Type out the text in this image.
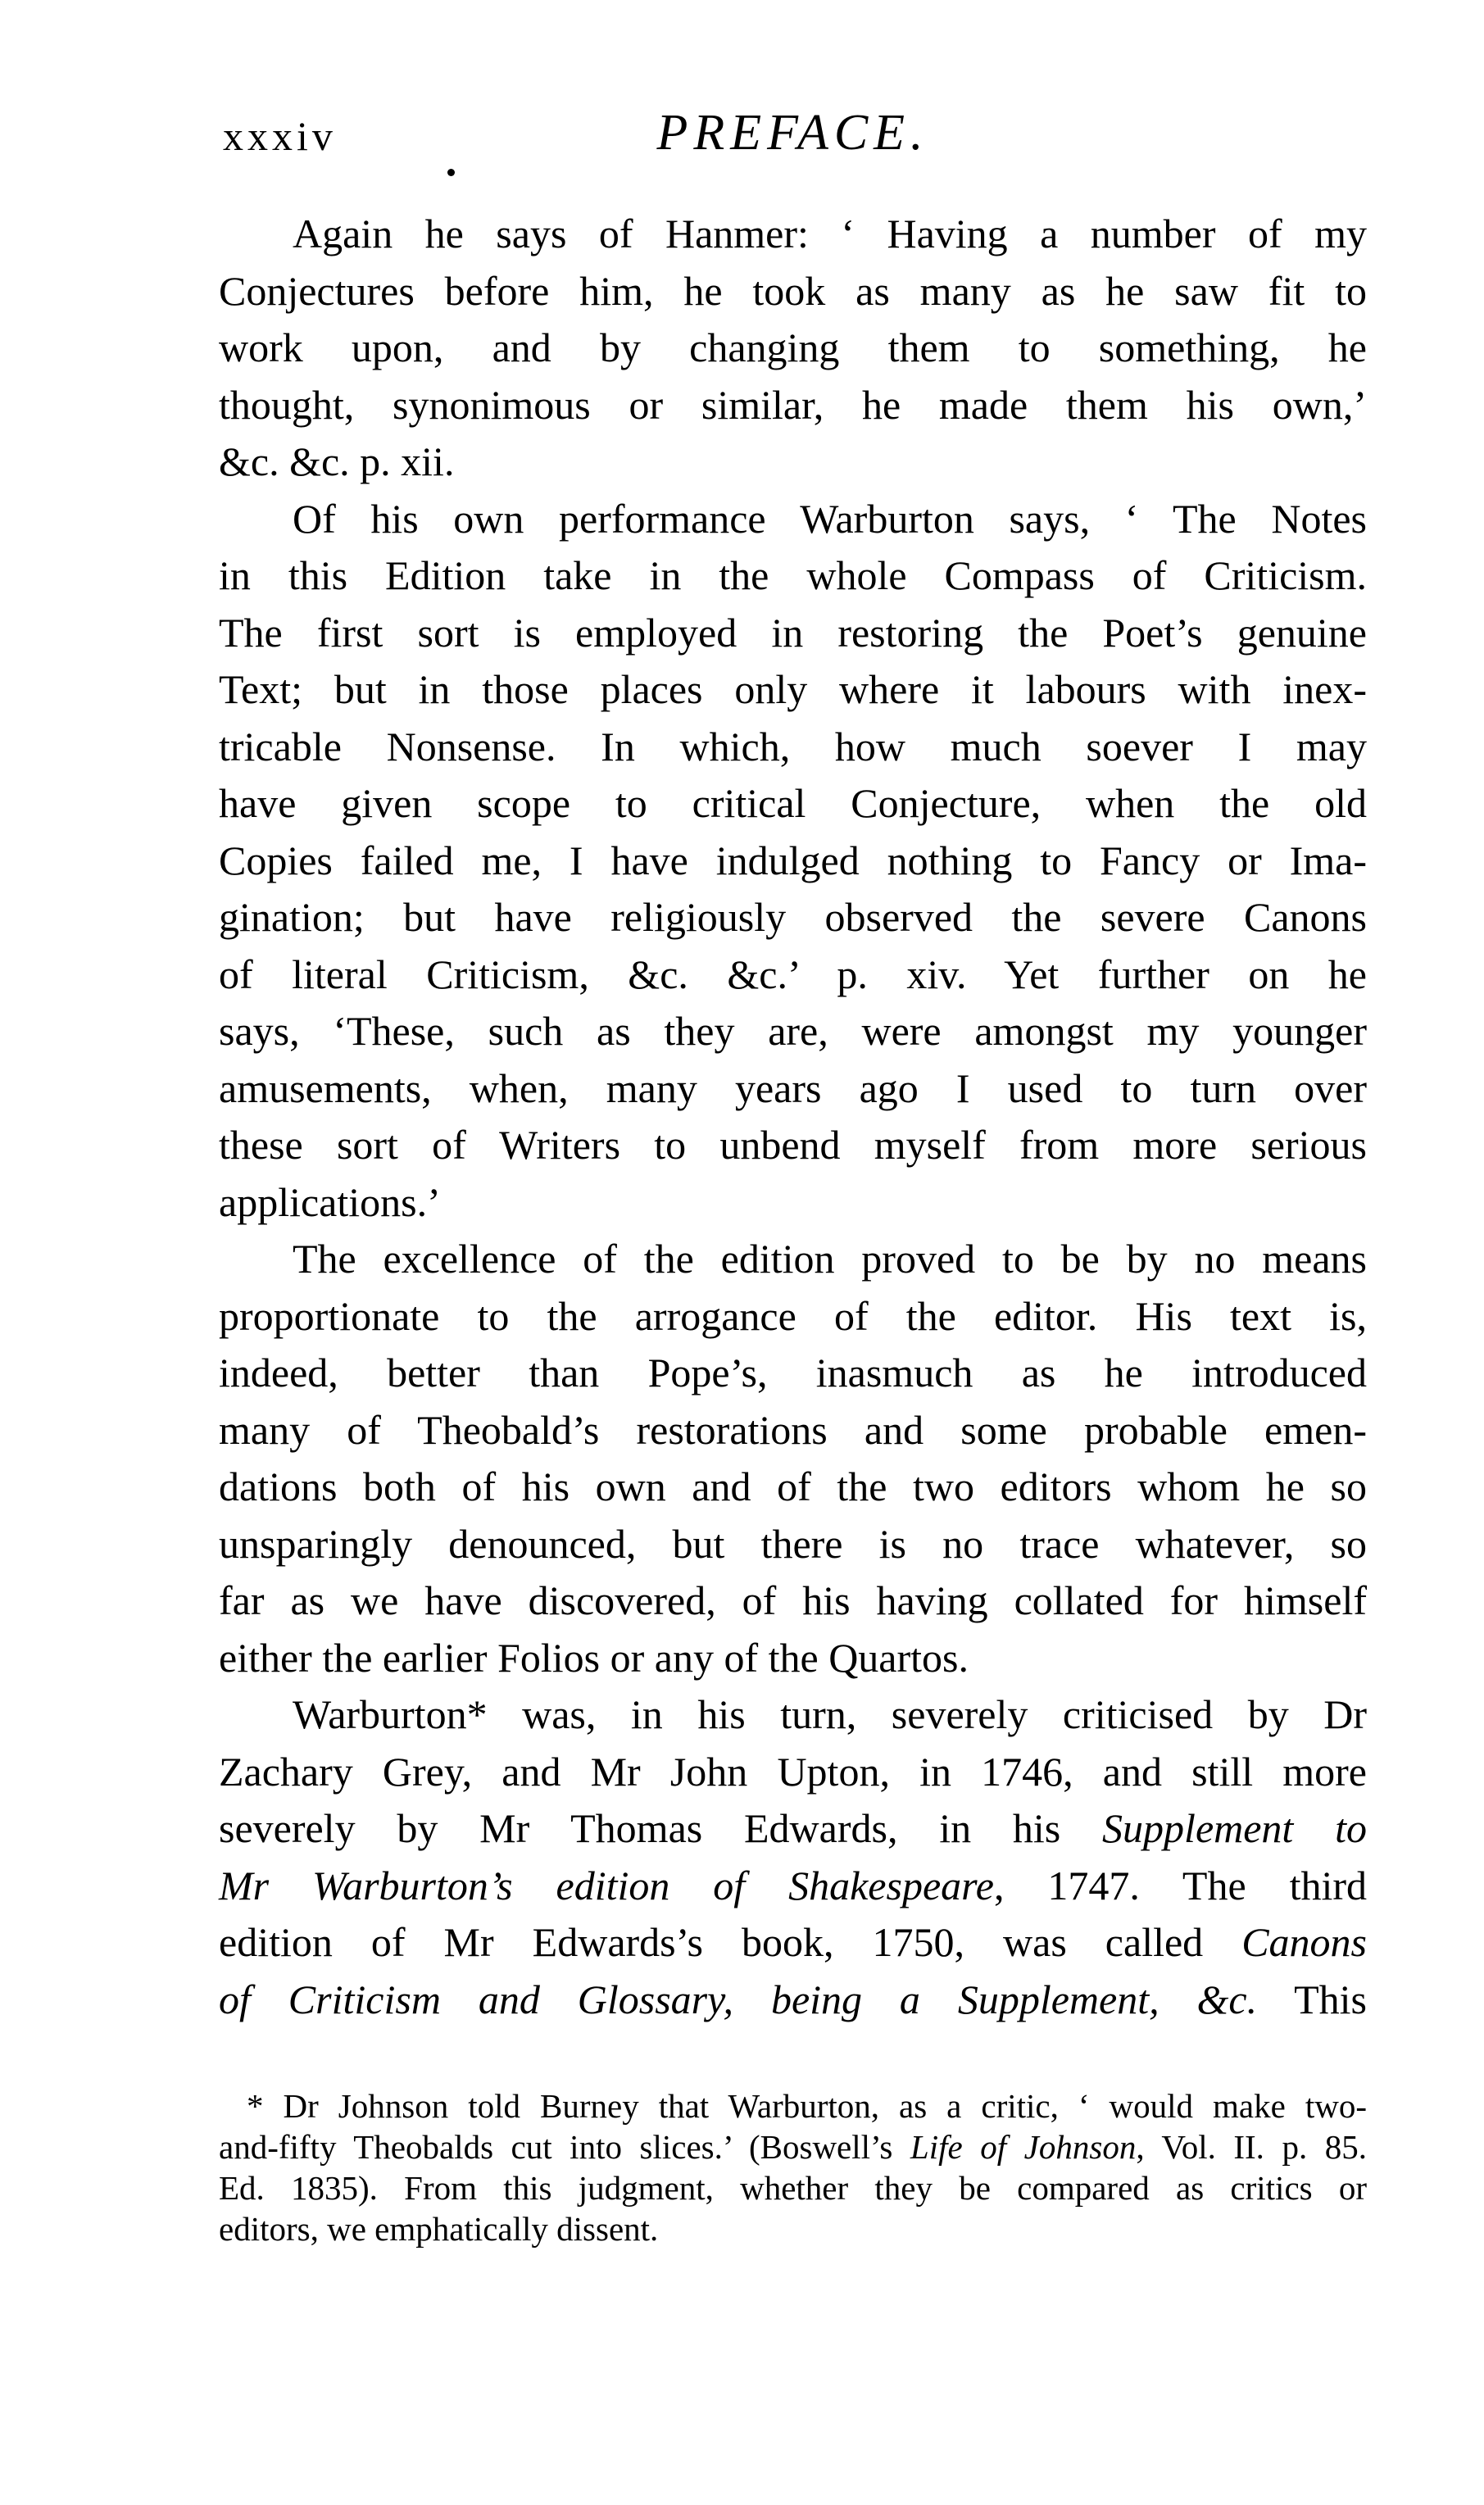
xxxiv	PREFACE.
Again he says of Hanmer: ‘ Having a number of my
Conjectures before him, he took as many as he saw fit to
work upon, and by changing them to something, he
thought, synonimous or similar, he made them his own,’
&c. &c. p. xii.
Of his own performance Warburton says, ‘ The Notes
in this Edition take in the whole Compass of Criticism.
The first sort is employed in restoring the Poet’s genuine
Text; but in those places only where it labours with inex-
tricable Nonsense. In which, how much soever I may
have given scope to critical Conjecture, when the old
Copies failed me, I have indulged nothing to Fancy or Ima-
gination; but have religiously observed the severe Canons
of literal Criticism, &c. &c.’ p. xiv. Yet further on he
says, ‘These, such as they are, were amongst my younger
amusements, when, many years ago I used to turn over
these sort of Writers to unbend myself from more serious
applications.’
The excellence of the edition proved to be by no means
proportionate to the arrogance of the editor. His text is,
indeed, better than Pope’s, inasmuch as he introduced
many of Theobald’s restorations and some probable emen-
dations both of his own and of the two editors whom he so
unsparingly denounced, but there is no trace whatever, so
far as we have discovered, of his having collated for himself
either the earlier Folios or any of the Quartos.
Warburton* was, in his turn, severely criticised by Dr
Zachary Grey, and Mr John Upton, in 1746, and still more
severely by Mr Thomas Edwards, in his Supplement to
Mr Warburton’s edition of Shakespeare, 1747. The third
edition of Mr Edwards’s book, 1750, was called Canons
of Criticism and Glossary, being a Supplement, &c. This
* Dr Johnson told Burney that Warburton, as a critic, ‘ would make two-
and-fifty Theobalds cut into slices.’ (Boswell’s Life of Johnson, Vol. II. p. 85.
Ed. 1835). From this judgment, whether they be compared as critics or
editors, we emphatically dissent.
